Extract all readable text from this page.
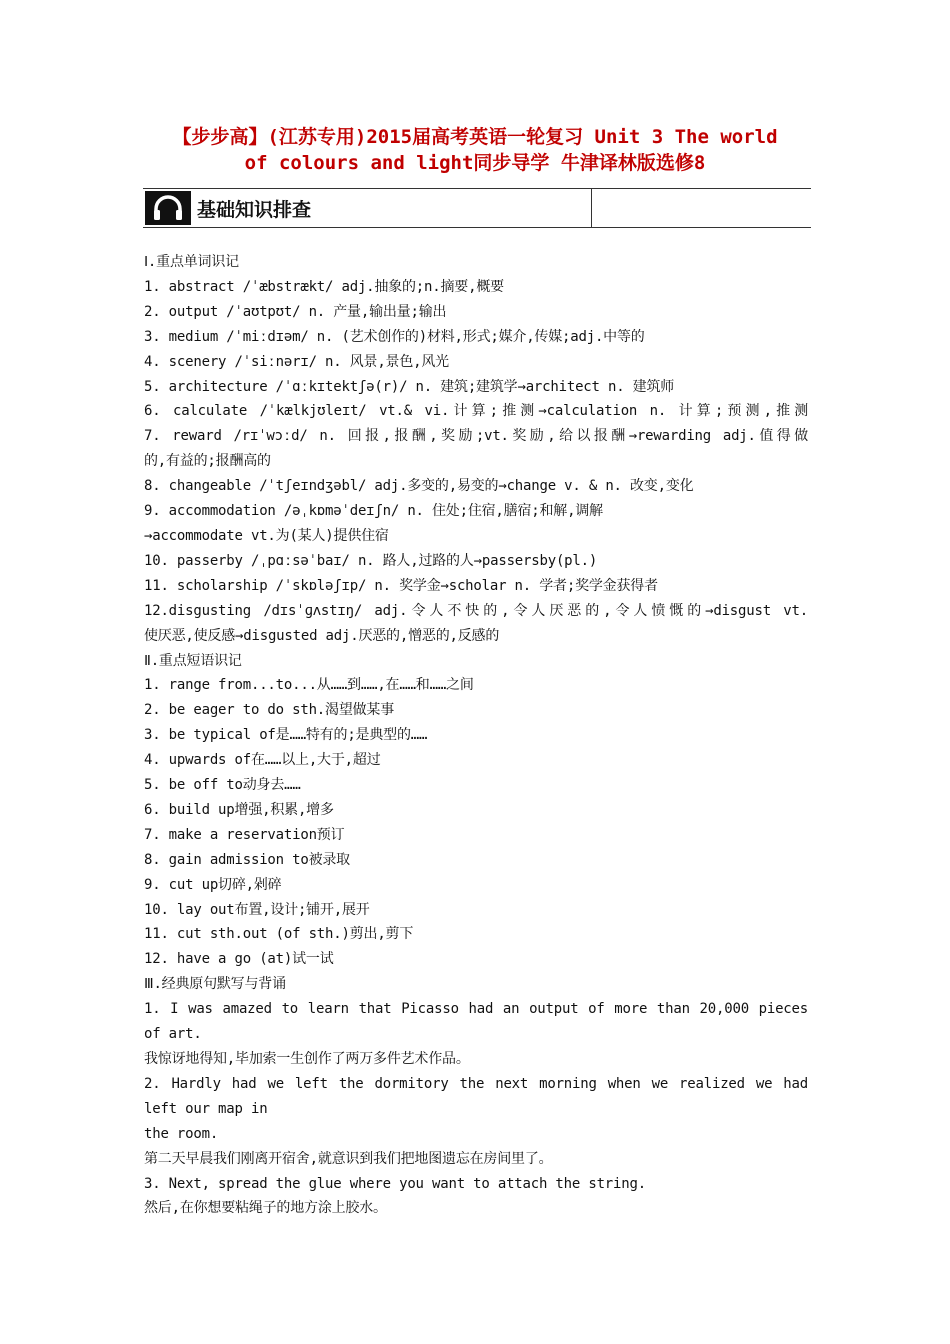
【步步高】(江苏专用)2015届高考英语一轮复习 Unit 3 The world
of colours and light同步导学 牛津译林版选修8
基础知识排查

Ⅰ.重点单词识记

1. abstract /ˈæbstrækt/ adj.抽象的;n.摘要,概要

2. output /ˈaʊtpʊt/ n. 产量,输出量;输出

3. medium /ˈmiːdɪəm/ n. (艺术创作的)材料,形式;媒介,传媒;adj.中等的

4. scenery /ˈsiːnərɪ/ n. 风景,景色,风光

5. architecture /ˈɑːkɪtektʃə(r)/ n. 建筑;建筑学→architect n. 建筑师

6. calculate /ˈkælkjʊleɪt/ vt.& vi.计算;推测→calculation n. 计算;预测,推测

7. reward /rɪˈwɔːd/ n. 回报,报酬,奖励;vt.奖励,给以报酬→rewarding adj.值得做

的,有益的;报酬高的

8. changeable /ˈtʃeɪndʒəbl/ adj.多变的,易变的→change v. & n. 改变,变化

9. accommodation /əˌkɒməˈdeɪʃn/ n. 住处;住宿,膳宿;和解,调解

→accommodate vt.为(某人)提供住宿

10. passerby /ˌpɑːsəˈbaɪ/ n. 路人,过路的人→passersby(pl.)

11. scholarship /ˈskɒləʃɪp/ n. 奖学金→scholar n. 学者;奖学金获得者

12.disgusting /dɪsˈɡʌstɪŋ/ adj.令人不快的,令人厌恶的,令人愤慨的→disgust vt.

使厌恶,使反感→disgusted adj.厌恶的,憎恶的,反感的

Ⅱ.重点短语识记

1. range from...to...从……到……,在……和……之间

2. be eager to do sth.渴望做某事

3. be typical of是……特有的;是典型的……

4. upwards of在……以上,大于,超过

5. be off to动身去……

6. build up增强,积累,增多

7. make a reservation预订

8. gain admission to被录取

9. cut up切碎,剁碎

10. lay out布置,设计;铺开,展开

11. cut sth.out (of sth.)剪出,剪下

12. have a go (at)试一试

Ⅲ.经典原句默写与背诵

1. I was amazed to learn that Picasso had an output of more than 20,000 pieces

of art.

我惊讶地得知,毕加索一生创作了两万多件艺术作品。

2. Hardly had we left the dormitory the next morning when we realized we had

left our map in

the room.

第二天早晨我们刚离开宿舍,就意识到我们把地图遗忘在房间里了。

3. Next, spread the glue where you want to attach the string.

然后,在你想要粘绳子的地方涂上胶水。
